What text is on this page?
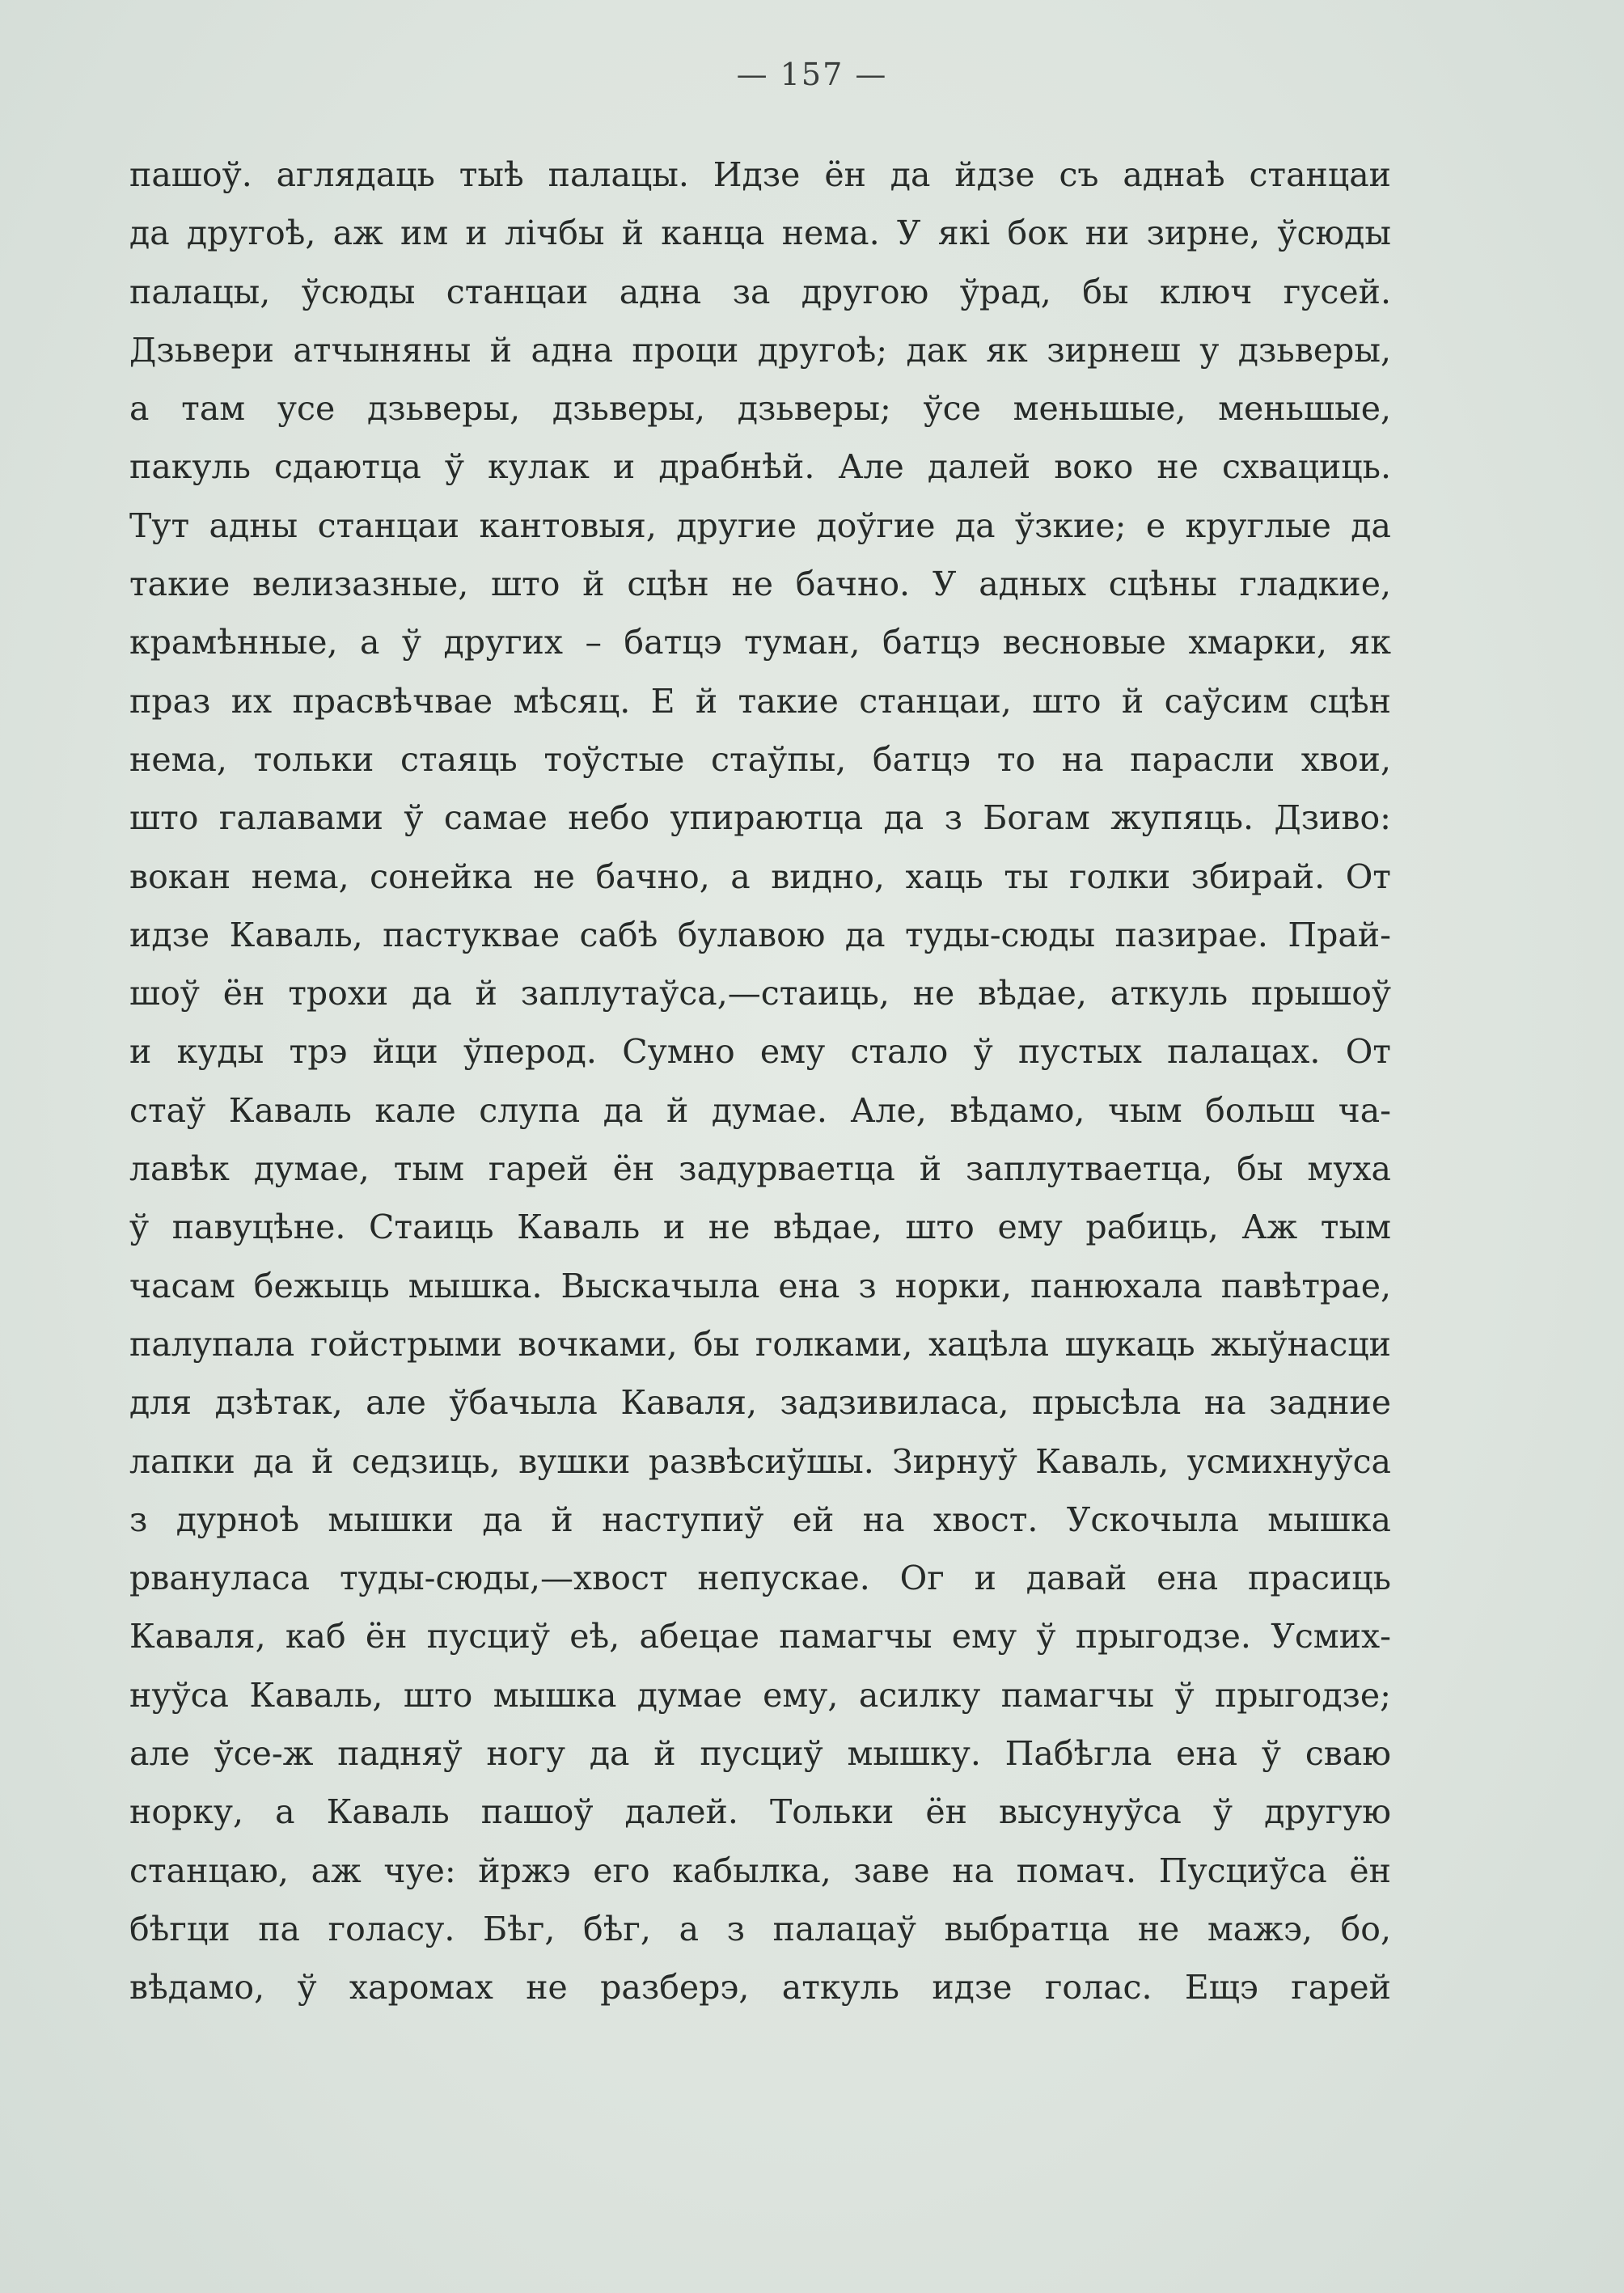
— 157 —
пашоў. аглядаць тыѣ палацы. Идзе ён да йдзе съ аднаѣ станцаи
да другоѣ, аж им и лічбы й канца нема. У які бок ни зирне, ўсюды
палацы, ўсюды станцаи адна за другою ўрад, бы ключ гусей.
Дзьвери атчыняны й адна проци другоѣ; дак як зирнеш у дзьверы,
а там усе дзьверы, дзьверы, дзьверы; ўсе меньшые, меньшые,
пакуль сдаютца ў кулак и драбнѣй. Але далей воко не схвациць.
Тут адны станцаи кантовыя, другие доўгие да ўзкие; е круглые да
такие велизазные, што й сцѣн не бачно. У адных сцѣны гладкие,
крамѣнные, а ў других – батцэ туман, батцэ весновые хмарки, як
праз их прасвѣчвае мѣсяц. Е й такие станцаи, што й саўсим сцѣн
нема, тольки стаяць тоўстые стаўпы, батцэ то на парасли хвои,
што галавами ў самае небо упираютца да з Богам жупяць. Дзиво:
вокан нема, сонейка не бачно, а видно, хаць ты голки збирай. От
идзе Каваль, пастуквае сабѣ булавою да туды-сюды пазирае. Прай-
шоў ён трохи да й заплутаўса,—стаиць, не вѣдае, аткуль прышоў
и куды трэ йци ўперод. Сумно ему стало ў пустых палацах. От
стаў Каваль кале слупа да й думае. Але, вѣдамо, чым больш ча-
лавѣк думае, тым гарей ён задурваетца й заплутваетца, бы муха
ў павуцѣне. Стаиць Каваль и не вѣдае, што ему рабиць, Аж тым
часам бежыць мышка. Выскачыла ена з норки, панюхала павѣтрае,
палупала гойстрыми вочками, бы голками, хацѣла шукаць жыўнасци
для дзѣтак, але ўбачыла Каваля, задзивиласа, прысѣла на задние
лапки да й седзиць, вушки развѣсиўшы. Зирнуў Каваль, усмихнуўса
з дурноѣ мышки да й наступиў ей на хвост. Ускочыла мышка
рвануласа туды-сюды,—хвост непускае. Ог и давай ена прасиць
Каваля, каб ён пусциў еѣ, абецае памагчы ему ў прыгодзе. Усмих-
нуўса Каваль, што мышка думае ему, асилку памагчы ў прыгодзе;
але ўсе-ж падняў ногу да й пусциў мышку. Пабѣгла ена ў сваю
норку, а Каваль пашоў далей. Тольки ён высунуўса ў другую
станцаю, аж чуе: йржэ его кабылка, заве на помач. Пусциўса ён
бѣгци па голасу. Бѣг, бѣг, а з палацаў выбратца не мажэ, бо,
вѣдамо, ў харомах не разберэ, аткуль идзе голас. Ещэ гарей
